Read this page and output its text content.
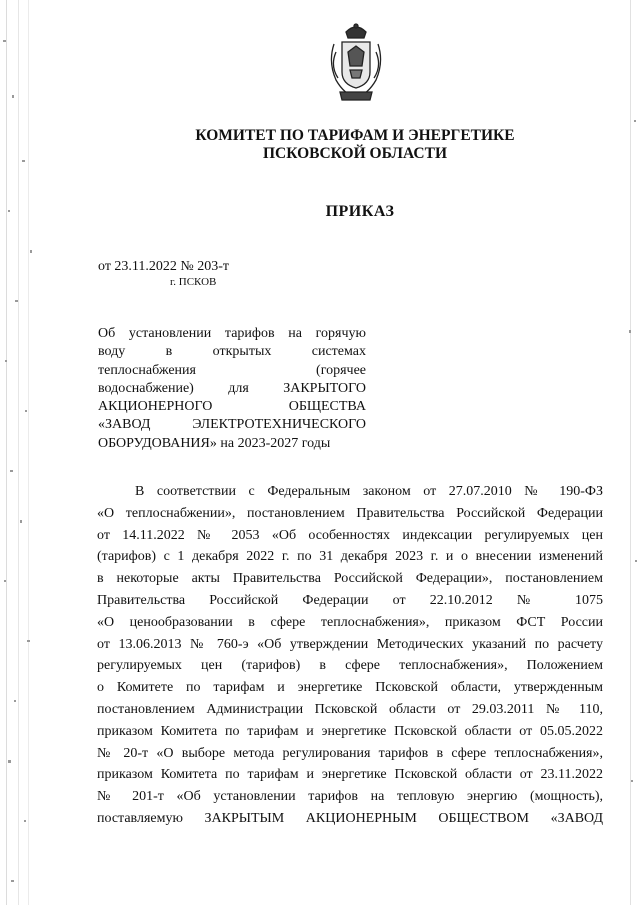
КОМИТЕТ ПО ТАРИФАМ И ЭНЕРГЕТИКЕ
ПСКОВСКОЙ ОБЛАСТИ
ПРИКАЗ
от 23.11.2022 № 203-т
г. ПСКОВ
Об установлении тарифов на горячую
воду в открытых системах
теплоснабжения (горячее
водоснабжение) для ЗАКРЫТОГО
АКЦИОНЕРНОГО ОБЩЕСТВА
«ЗАВОД ЭЛЕКТРОТЕХНИЧЕСКОГО
ОБОРУДОВАНИЯ» на 2023-2027 годы
В соответствии с Федеральным законом от 27.07.2010 № 190-ФЗ
«О теплоснабжении», постановлением Правительства Российской Федерации
от 14.11.2022 № 2053 «Об особенностях индексации регулируемых цен
(тарифов) с 1 декабря 2022 г. по 31 декабря 2023 г. и о внесении изменений
в некоторые акты Правительства Российской Федерации», постановлением
Правительства Российской Федерации от 22.10.2012 № 1075
«О ценообразовании в сфере теплоснабжения», приказом ФСТ России
от 13.06.2013 № 760-э «Об утверждении Методических указаний по расчету
регулируемых цен (тарифов) в сфере теплоснабжения», Положением
о Комитете по тарифам и энергетике Псковской области, утвержденным
постановлением Администрации Псковской области от 29.03.2011 № 110,
приказом Комитета по тарифам и энергетике Псковской области от 05.05.2022
№ 20-т «О выборе метода регулирования тарифов в сфере теплоснабжения»,
приказом Комитета по тарифам и энергетике Псковской области от 23.11.2022
№ 201-т «Об установлении тарифов на тепловую энергию (мощность),
поставляемую ЗАКРЫТЫМ АКЦИОНЕРНЫМ ОБЩЕСТВОМ «ЗАВОД
